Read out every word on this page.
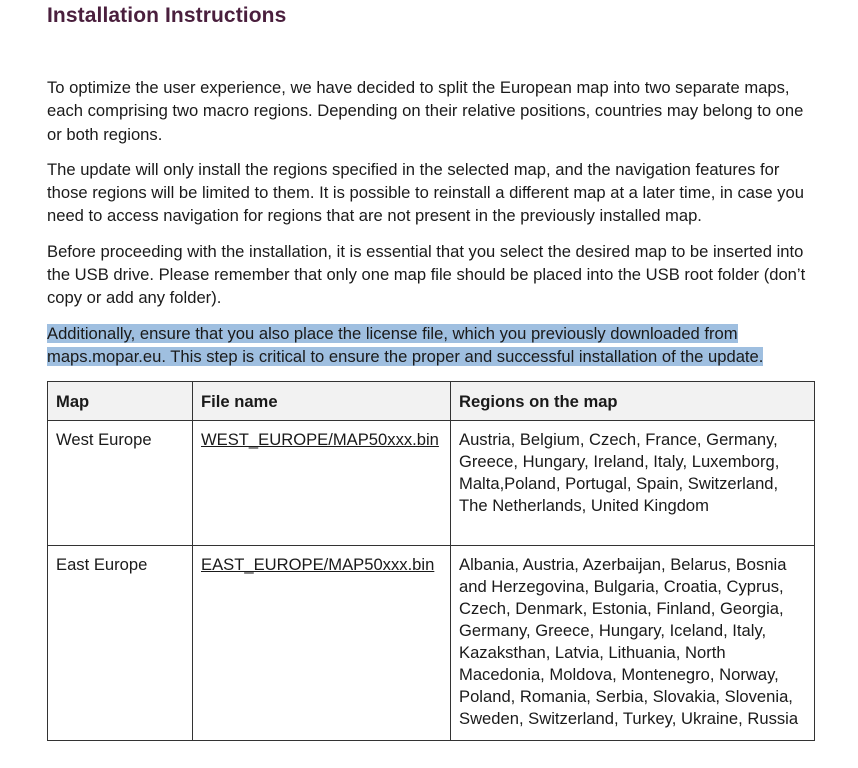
Installation Instructions

To optimize the user experience, we have decided to split the European map into two separate maps, each comprising two macro regions. Depending on their relative positions, countries may belong to one or both regions.

The update will only install the regions specified in the selected map, and the navigation features for those regions will be limited to them. It is possible to reinstall a different map at a later time, in case you need to access navigation for regions that are not present in the previously installed map.

Before proceeding with the installation, it is essential that you select the desired map to be inserted into the USB drive. Please remember that only one map file should be placed into the USB root folder (don’t copy or add any folder).

Additionally, ensure that you also place the license file, which you previously downloaded from maps.mopar.eu. This step is critical to ensure the proper and successful installation of the update.

Map	File name	Regions on the map
West Europe	WEST_EUROPE/MAP50xxx.bin	Austria, Belgium, Czech, France, Germany, Greece, Hungary, Ireland, Italy, Luxemborg, Malta,Poland, Portugal, Spain, Switzerland, The Netherlands, United Kingdom
East Europe	EAST_EUROPE/MAP50xxx.bin	Albania, Austria, Azerbaijan, Belarus, Bosnia and Herzegovina, Bulgaria, Croatia, Cyprus, Czech, Denmark, Estonia, Finland, Georgia, Germany, Greece, Hungary, Iceland, Italy, Kazaksthan, Latvia, Lithuania, North Macedonia, Moldova, Montenegro, Norway, Poland, Romania, Serbia, Slovakia, Slovenia, Sweden, Switzerland, Turkey, Ukraine, Russia
